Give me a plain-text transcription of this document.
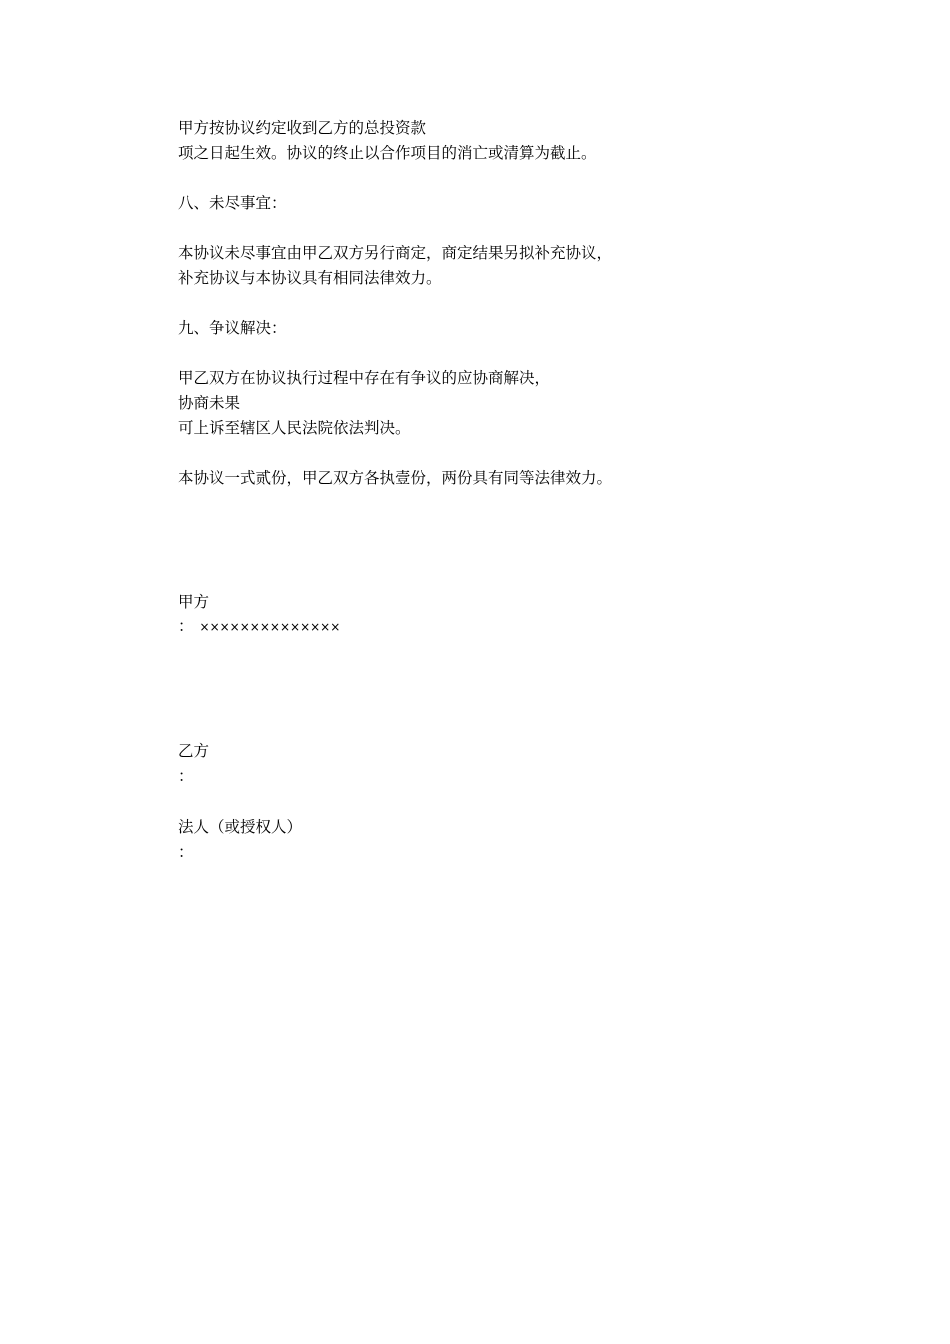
甲方按协议约定收到乙方的总投资款
项之日起生效。协议的终止以合作项目的消亡或清算为截止。
八、未尽事宜：
本协议未尽事宜由甲乙双方另行商定，商定结果另拟补充协议，
补充协议与本协议具有相同法律效力。
九、争议解决：
甲乙双方在协议执行过程中存在有争议的应协商解决，
协商未果
可上诉至辖区人民法院依法判决。
本协议一式贰份，甲乙双方各执壹份，两份具有同等法律效力。
甲方
： ××××××××××××××
乙方
：
法人（或授权人）
：
